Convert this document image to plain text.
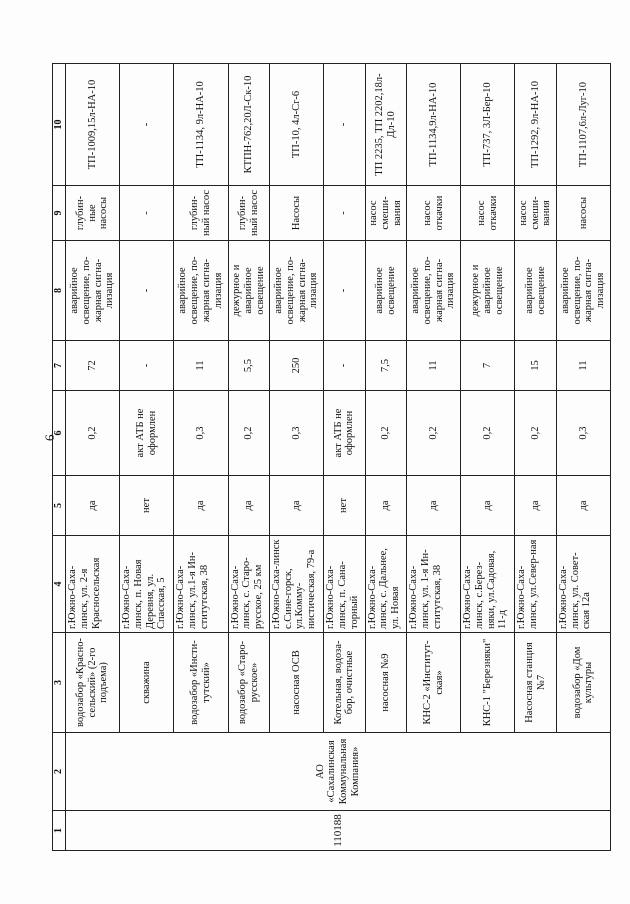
6
1	2	3	4	5	6	7	8	9	10
110188	АО «Сахалинская Коммунальная Компания»	водозабор «Красно-сельский» (2-го подъема)	г.Южно-Саха-линск, ул. 2-я Красносельская	да	0,2	72	аварийное освещение, по-жарная сигна-лизация	глубин-ные насосы	ТП-1009,15л-НА-10
		скважина	г.Южно-Саха-линск, п. Новая Деревня, ул. Спасская, 5	нет	акт АТБ не оформлен	-	-	-	-
		водозабор «Инсти-тутский»	г.Южно-Саха-линск, ул.1-я Ин-ститутская, 38	да	0,3	11	аварийное освещение, по-жарная сигна-лизация	глубин-ный насос	ТП-1134, 9л-НА-10
		водозабор «Старо-русское»	г.Южно-Саха-линск, с. Старо-русское, 25 км	да	0,2	5,5	дежурное и аварийное освещение	глубин-ный насос	КТПН-762,20Л-Ск-10
		насосная ОСВ	г.Южно-Саха-линск с.Сине-горск, ул.Комму-нистическая, 79-а	да	0,3	250	аварийное освещение, по-жарная сигна-лизация	Насосы	ТП-10, 4л-Сг-6
		Котельная, водоза-бор, очистные	г.Южно-Саха-линск, п. Сана-торный	нет	акт АТБ не оформлен	-	-	-	-
		насосная №9	г.Южно-Саха-линск, с. Дальнее, ул. Новая	да	0,2	7,5	аварийное освещение	насос смеши-вания	ТП 2235, ТП 2202,18л-Дл-10
		КНС-2 «Институт-ская»	г.Южно-Саха-линск, ул. 1-я Ин-ститутская, 38	да	0,2	11	аварийное освещение, по-жарная сигна-лизация	насос откачки	ТП-1134,9л-НА-10
		КНС-1 "Березняки"	г.Южно-Саха-линск, с.Берез-няки, ул.Садовая, 11-д	да	0,2	7	дежурное и аварийное освещение	насос откачки	ТП-737, 3Л-Бер-10
		Насосная станция №7	г.Южно-Саха-линск, ул.Север-ная	да	0,2	15	аварийное освещение	насос смеши-вания	ТП-1292, 9л-НА-10
		водозабор «Дом культуры	г.Южно-Саха-линск, ул. Совет-ская 12а	да	0,3	11	аварийное освещение, по-жарная сигна-лизация	насосы	ТП-1107,6л-Луг-10
